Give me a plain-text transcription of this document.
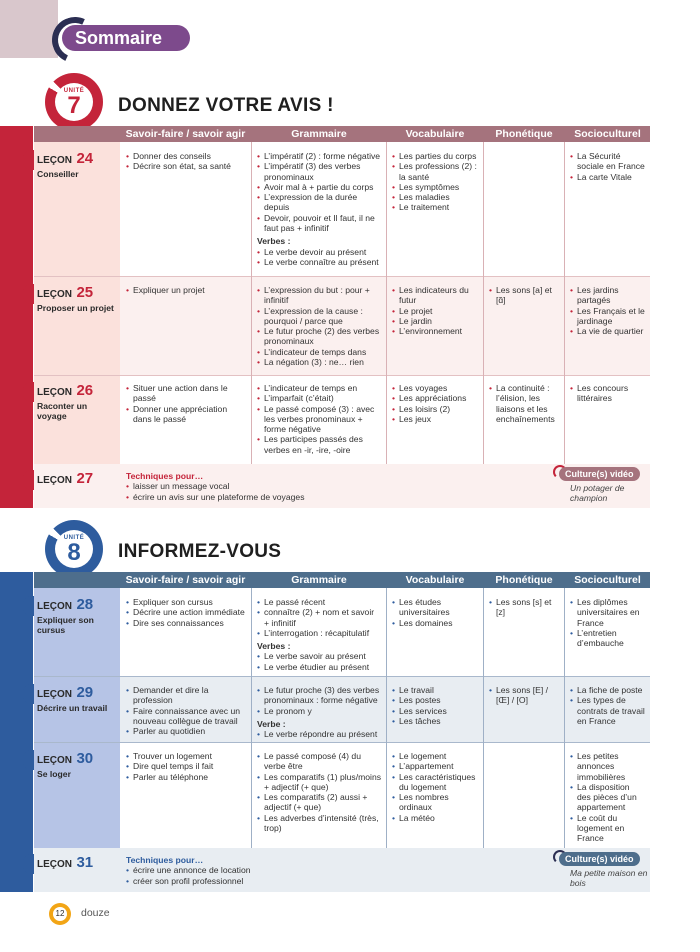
Sommaire
UNITÉ
7 DONNEZ VOTRE AVIS !
Savoir-faire / savoir agir	Grammaire	Vocabulaire	Phonétique	Socioculturel
LEÇON 24
Conseiller
• Donner des conseils
• Décrire son état, sa santé
• L’impératif (2) : forme négative
• L’impératif (3) des verbes pronominaux
• Avoir mal à + partie du corps
• L’expression de la durée depuis
• Devoir, pouvoir et Il faut, il ne faut pas + infinitif
Verbes :
• Le verbe devoir au présent
• Le verbe connaître au présent
• Les parties du corps
• Les professions (2) : la santé
• Les symptômes
• Les maladies
• Le traitement
• La Sécurité sociale en France
• La carte Vitale
LEÇON 25
Proposer un projet
• Expliquer un projet
•	L’expression du but : pour + infinitif
• L’expression de la cause : pourquoi / parce que
• Le futur proche (2) des verbes pronominaux
• L’indicateur de temps dans
• La négation (3) : ne… rien
• Les indicateurs du futur
• Le projet
• Le jardin
• L’environnement
• Les sons [a] et [ɑ̃]
• Les jardins partagés
• Les Français et le jardinage
• La vie de quartier
LEÇON 26
Raconter un voyage
• Situer une action dans le passé
• Donner une appréciation dans le passé
• L’indicateur de temps en
• L’imparfait (c’était)
• Le passé composé (3) : avec les verbes pronominaux + forme négative
• Les participes passés des verbes en -ir, -ire, -oire
• Les voyages
• Les appréciations
• Les loisirs (2)
• Les jeux
• La continuité : l’élision, les liaisons et les enchaînements
• Les concours littéraires
LEÇON 27	Techniques pour…
• laisser un message vocal
• écrire un avis sur une plateforme de voyages
Culture(s) vidéo
Un potager de champion
UNITÉ
8 INFORMEZ-VOUS
Savoir-faire / savoir agir	Grammaire	Vocabulaire	Phonétique	Socioculturel
LEÇON 28
Expliquer son cursus
• Expliquer son cursus
• Décrire une action immédiate
• Dire ses connaissances
• Le passé récent
• connaître (2) + nom et savoir + infinitif
• L’interrogation : récapitulatif
Verbes :
• Le verbe savoir au présent
• Le verbe étudier au présent
• Les études universitaires
• Les domaines
• Les sons [s] et [z]
• Les diplômes universitaires en France
• L’entretien d’embauche
LEÇON 29
Décrire un travail
• Demander et dire la profession
• Faire connaissance avec un nouveau collègue de travail
• Parler au quotidien
• Le futur proche (3) des verbes pronominaux : forme négative
• Le pronom y
Verbe :
• Le verbe répondre au présent
• Le travail
• Les postes
• Les services
• Les tâches
• Les sons [E] / [Œ] / [O]
• La fiche de poste
• Les types de contrats de travail en France
LEÇON 30
Se loger
• Trouver un logement
• Dire quel temps il fait
• Parler au téléphone
• Le passé composé (4) du verbe être
• Les comparatifs (1) plus/moins + adjectif (+ que)
• Les comparatifs (2) aussi + adjectif (+ que)
• Les adverbes d’intensité (très, trop)
• Le logement
• L’appartement
• Les caractéristiques du logement
• Les nombres ordinaux
• La météo
• Les petites annonces immobilières
• La disposition des pièces d’un appartement
• Le coût du logement en France
LEÇON 31	Techniques pour…
• écrire une annonce de location
• créer son profil professionnel
Culture(s) vidéo
Ma petite maison en bois
12 douze
